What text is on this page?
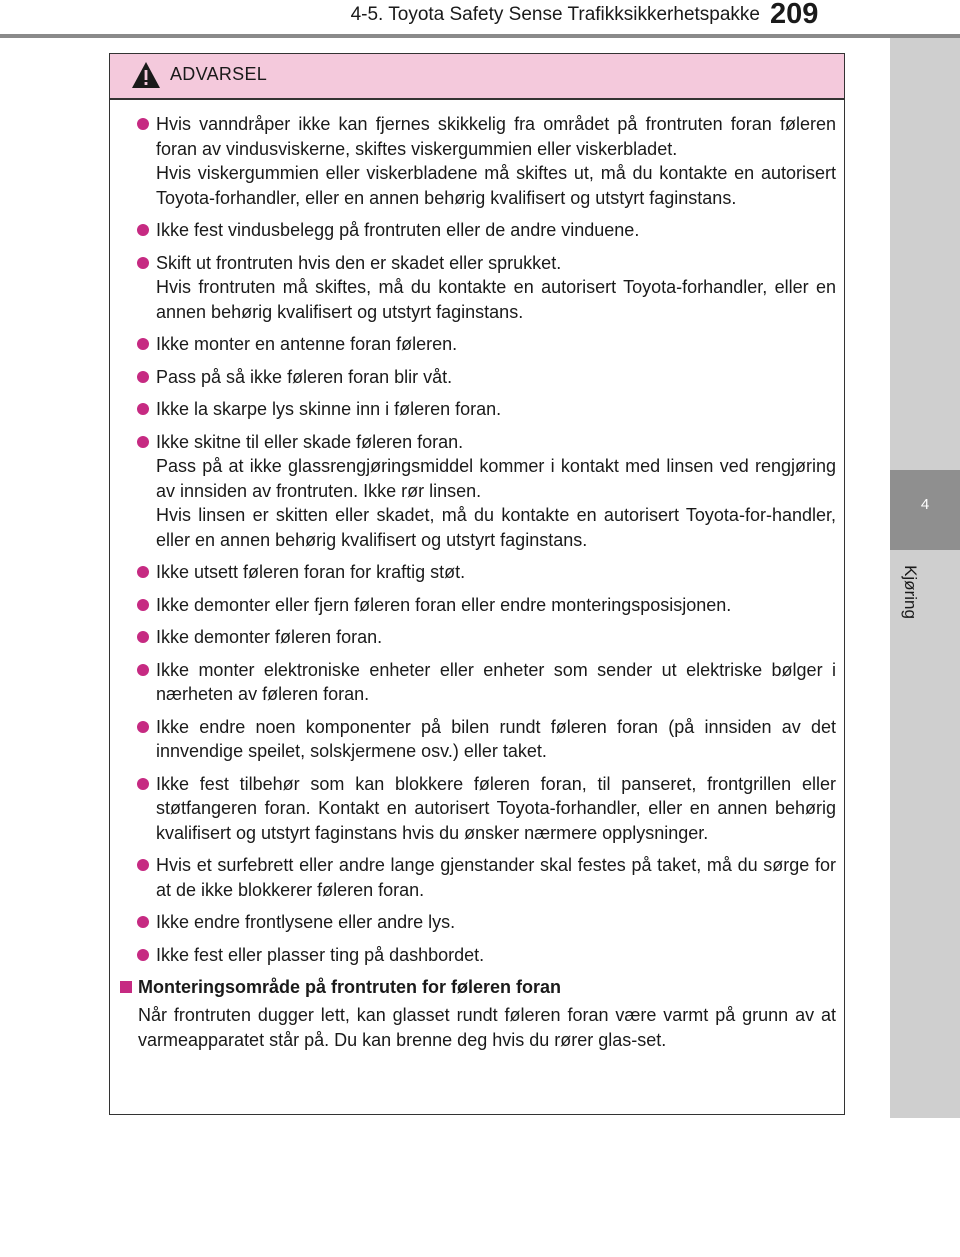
4-5. Toyota Safety Sense Trafikksikkerhetspakke 209
4
Kjøring
ADVARSEL
Hvis vanndråper ikke kan fjernes skikkelig fra området på frontruten foran føleren foran av vindusviskerne, skiftes viskergummien eller viskerbladet.
Hvis viskergummien eller viskerbladene må skiftes ut, må du kontakte en autorisert Toyota-forhandler, eller en annen behørig kvalifisert og utstyrt faginstans.
Ikke fest vindusbelegg på frontruten eller de andre vinduene.
Skift ut frontruten hvis den er skadet eller sprukket.
Hvis frontruten må skiftes, må du kontakte en autorisert Toyota-forhandler, eller en annen behørig kvalifisert og utstyrt faginstans.
Ikke monter en antenne foran føleren.
Pass på så ikke føleren foran blir våt.
Ikke la skarpe lys skinne inn i føleren foran.
Ikke skitne til eller skade føleren foran.
Pass på at ikke glassrengjøringsmiddel kommer i kontakt med linsen ved rengjøring av innsiden av frontruten. Ikke rør linsen.
Hvis linsen er skitten eller skadet, må du kontakte en autorisert Toyota-for-handler, eller en annen behørig kvalifisert og utstyrt faginstans.
Ikke utsett føleren foran for kraftig støt.
Ikke demonter eller fjern føleren foran eller endre monteringsposisjonen.
Ikke demonter føleren foran.
Ikke monter elektroniske enheter eller enheter som sender ut elektriske bølger i nærheten av føleren foran.
Ikke endre noen komponenter på bilen rundt føleren foran (på innsiden av det innvendige speilet, solskjermene osv.) eller taket.
Ikke fest tilbehør som kan blokkere føleren foran, til panseret, frontgrillen eller støtfangeren foran. Kontakt en autorisert Toyota-forhandler, eller en annen behørig kvalifisert og utstyrt faginstans hvis du ønsker nærmere opplysninger.
Hvis et surfebrett eller andre lange gjenstander skal festes på taket, må du sørge for at de ikke blokkerer føleren foran.
Ikke endre frontlysene eller andre lys.
Ikke fest eller plasser ting på dashbordet.
Monteringsområde på frontruten for føleren foran
Når frontruten dugger lett, kan glasset rundt føleren foran være varmt på grunn av at varmeapparatet står på. Du kan brenne deg hvis du rører glas-set.
